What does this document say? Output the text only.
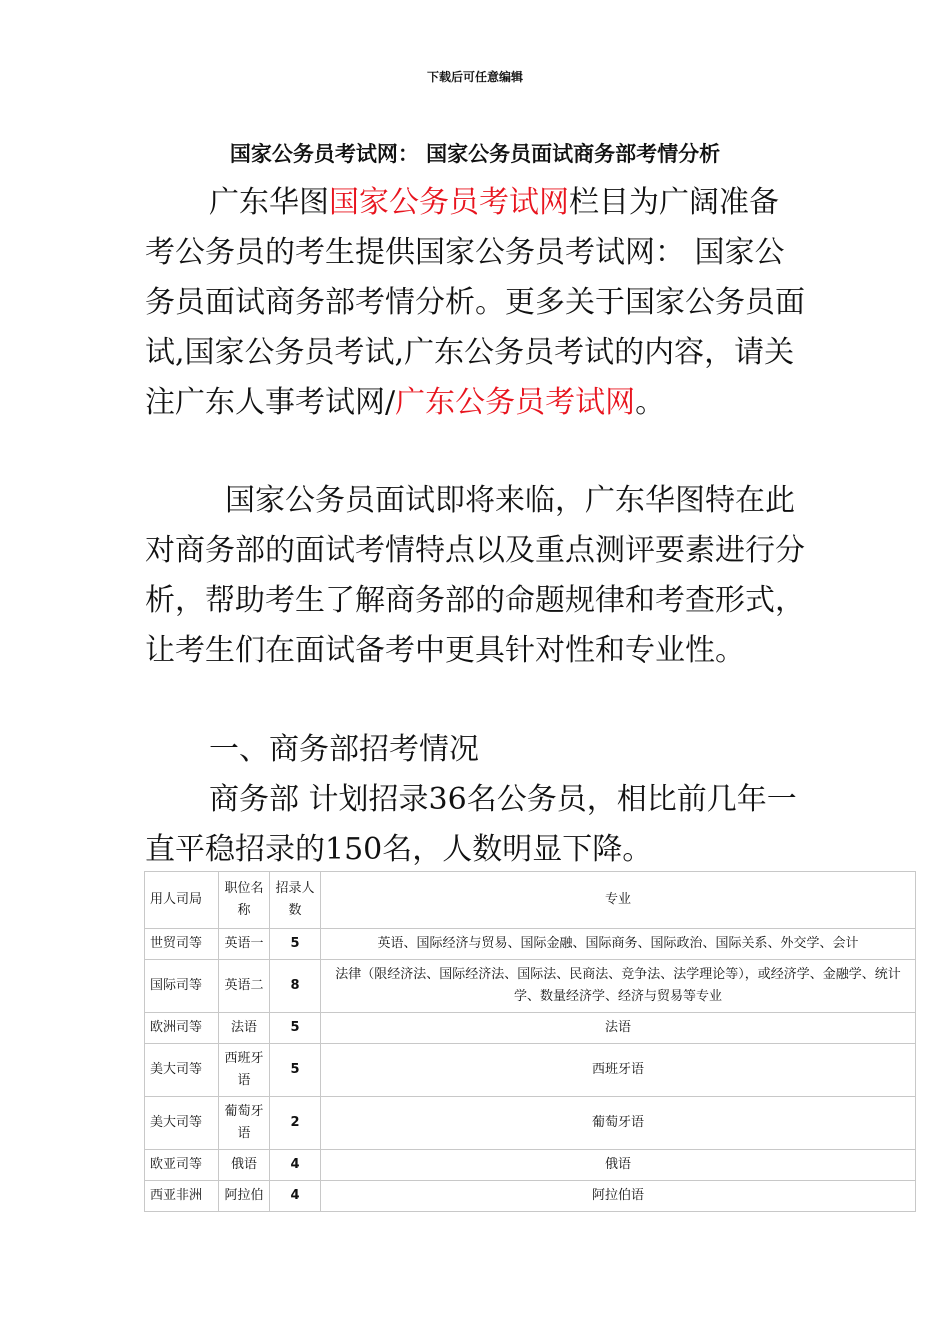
下载后可任意编辑
国家公务员考试网： 国家公务员面试商务部考情分析
广东华图国家公务员考试网栏目为广阔准备考公务员的考生提供国家公务员考试网： 国家公务员面试商务部考情分析。更多关于国家公务员面试,国家公务员考试,广东公务员考试的内容，请关注广东人事考试网/广东公务员考试网。
国家公务员面试即将来临，广东华图特在此对商务部的面试考情特点以及重点测评要素进行分析，帮助考生了解商务部的命题规律和考查形式，让考生们在面试备考中更具针对性和专业性。
一、商务部招考情况
商务部 计划招录36名公务员，相比前几年一直平稳招录的150名，人数明显下降。
用人司局	职位名称	招录人数	专业
世贸司等	英语一	5	英语、国际经济与贸易、国际金融、国际商务、国际政治、国际关系、外交学、会计
国际司等	英语二	8	法律（限经济法、国际经济法、国际法、民商法、竞争法、法学理论等），或经济学、金融学、统计学、数量经济学、经济与贸易等专业
欧洲司等	法语	5	法语
美大司等	西班牙语	5	西班牙语
美大司等	葡萄牙语	2	葡萄牙语
欧亚司等	俄语	4	俄语
西亚非洲	阿拉伯	4	阿拉伯语
